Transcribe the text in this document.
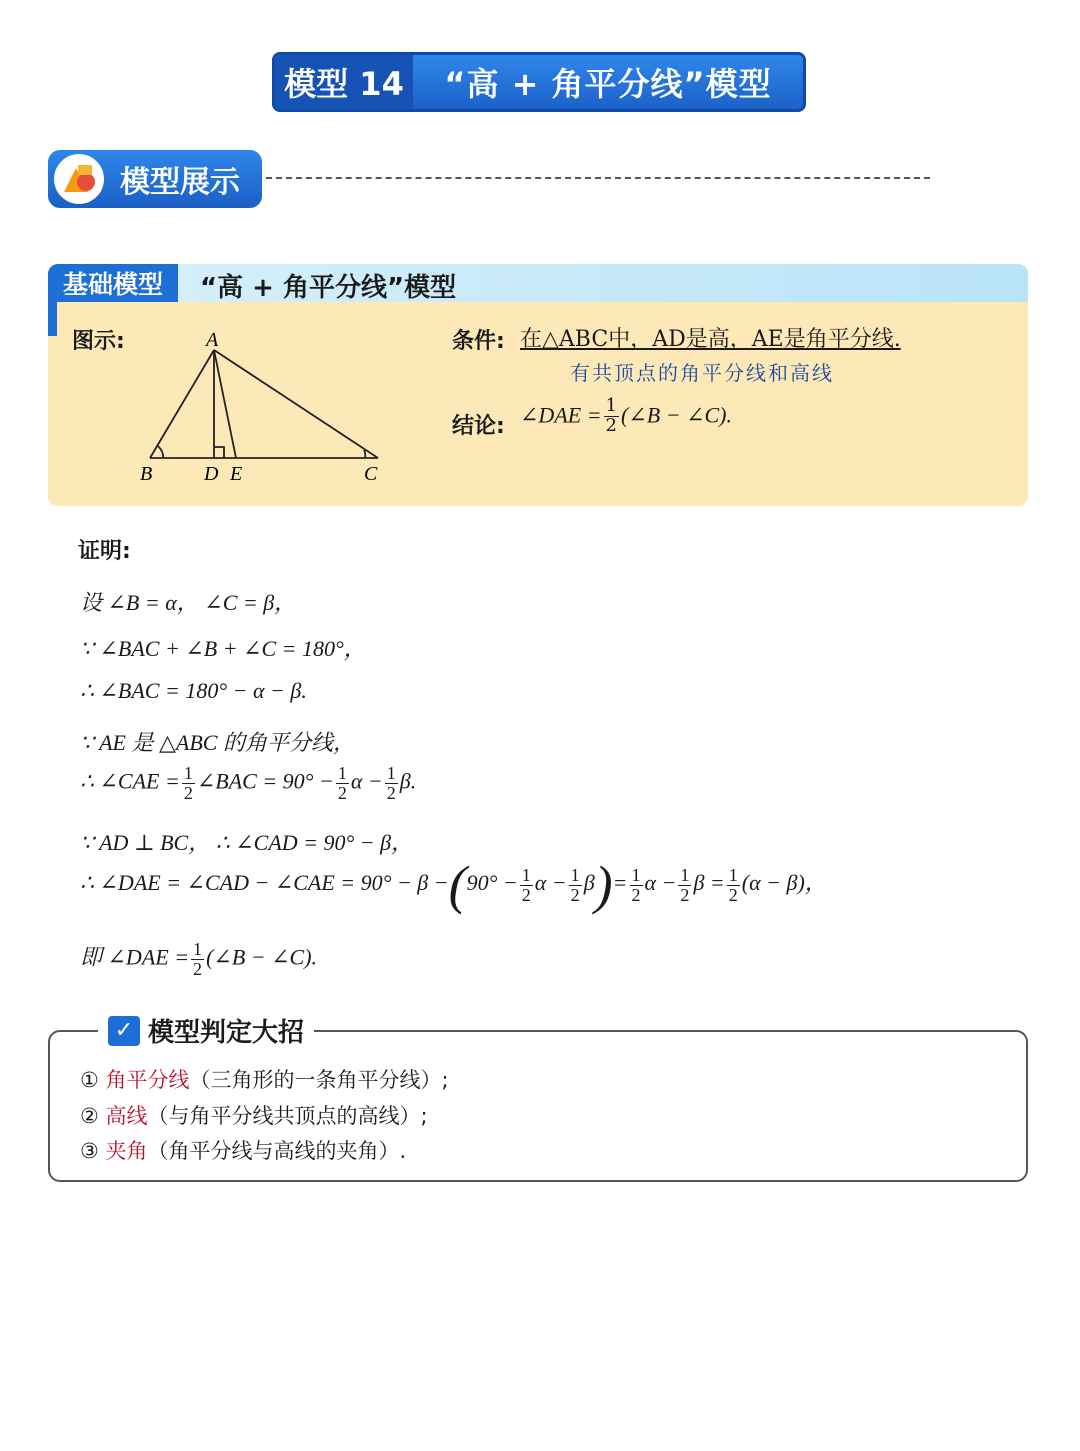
模型 14	“高 + 角平分线”模型
模型展示
基础模型	“高 + 角平分线”模型
图示:	A
B	D E	C
条件: 在△ABC中，AD是高，AE是角平分线.
有共顶点的角平分线和高线
结论: ∠DAE = $\frac{1}{2}$ (∠B − ∠C).
证明:
设 ∠B = α， ∠C = β，
∵ ∠BAC + ∠B + ∠C = 180°，
∴ ∠BAC = 180° − α − β.
∵ AE 是 △ABC 的角平分线，
∴ ∠CAE = $\frac{1}{2}$ ∠BAC = $90^\circ - \frac{1}{2}$ $\alpha - \frac{1}{2} \beta$.
∵ AD ⊥ BC， ∴ ∠CAD = 90° − β，
∴ ∠DAE = ∠CAD − ∠CAE = $90^\circ - \beta -(90^\circ - \frac{1}{2}$ $\alpha - \frac{1}{2} \beta)= \frac{1}{2}$ $\alpha - \frac{1}{2}$ $\beta = \frac{1}{2} (\alpha - \beta)$，
即 ∠DAE = $\frac{1}{2}$ (∠B − ∠C).
✓ 模型判定大招
① 角平分线（三角形的一条角平分线）;
② 高线（与角平分线共顶点的高线）;
③ 夹角（角平分线与高线的夹角）.
